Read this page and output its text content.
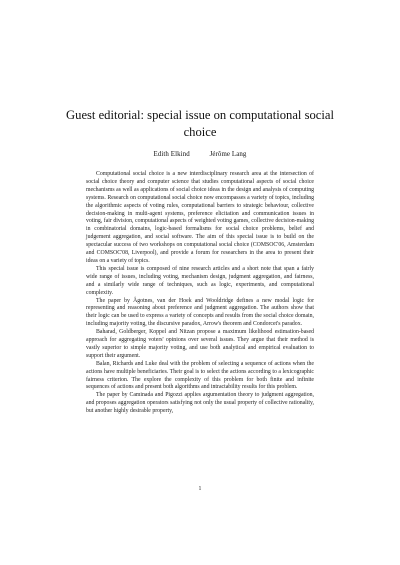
Guest editorial: special issue on computational social choice
Edith Elkind	Jérôme Lang

Computational social choice is a new interdisciplinary research area at the intersection of social choice theory and computer science that studies computational aspects of social choice mechanisms as well as applications of social choice ideas in the design and analysis of computing systems. Research on computational social choice now encompasses a variety of topics, including the algorithmic aspects of voting rules, computational barriers to strategic behaviour, collective decision-making in multi-agent systems, preference elicitation and communication issues in voting, fair division, computational aspects of weighted voting games, collective decision-making in combinatorial domains, logic-based formalisms for social choice problems, belief and judgement aggregation, and social software. The aim of this special issue is to build on the spectacular success of two workshops on computational social choice (COMSOC'06, Amsterdam and COMSOC'08, Liverpool), and provide a forum for researchers in the area to present their ideas on a variety of topics.

This special issue is composed of nine research articles and a short note that span a fairly wide range of issues, including voting, mechanism design, judgment aggregation, and fairness, and a similarly wide range of techniques, such as logic, experiments, and computational complexity.

The paper by Ågotnes, van der Hoek and Wooldridge defines a new modal logic for representing and reasoning about preference and judgment aggregation. The authors show that their logic can be used to express a variety of concepts and results from the social choice domain, including majority voting, the discursive paradox, Arrow's theorem and Condorcet's paradox.

Baharad, Goldberger, Koppel and Nitzan propose a maximum likelihood estimation-based approach for aggregating voters' opinions over several issues. They argue that their method is vastly superior to simple majority voting, and use both analytical and empirical evaluation to support their argument.

Balan, Richards and Luke deal with the problem of selecting a sequence of actions when the actions have multiple beneficiaries. Their goal is to select the actions according to a lexicographic fairness criterion. The explore the complexity of this problem for both finite and infinite sequences of actions and present both algorithms and intractability results for this problem.

The paper by Caminada and Pigozzi applies argumentation theory to judgment aggregation, and proposes aggregation operators satisfying not only the usual property of collective rationality, but another highly desirable property,

1
